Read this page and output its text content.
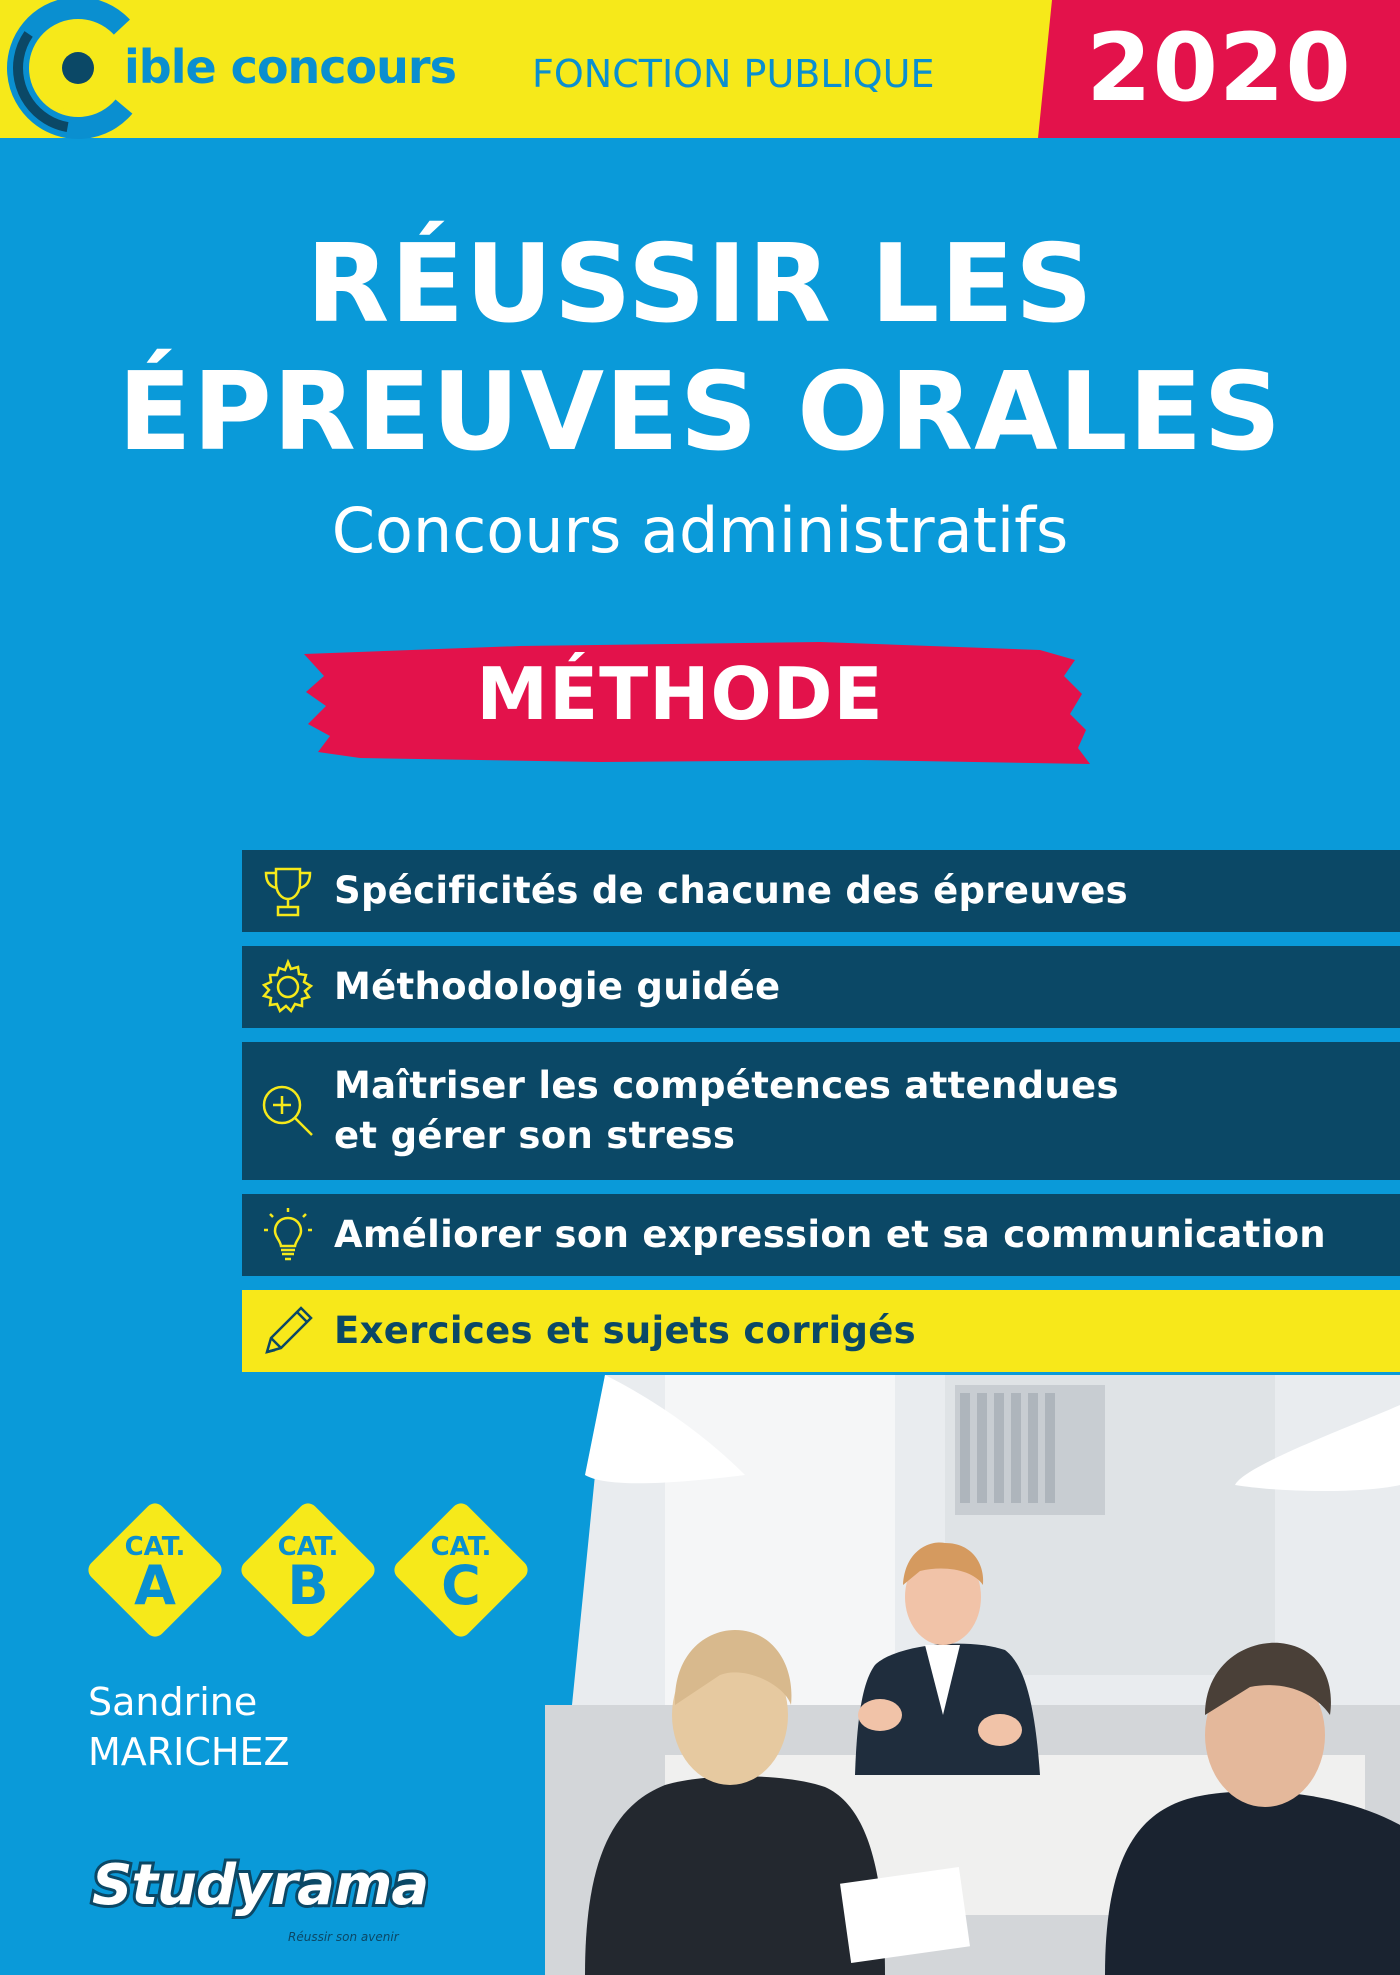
2020
ible concours FONCTION PUBLIQUE
RÉUSSIR LES
ÉPREUVES ORALES
Concours administratifs
MÉTHODE
Spécificités de chacune des épreuves
Méthodologie guidée
Maîtriser les compétences attendues
et gérer son stress
Améliorer son expression et sa communication
Exercices et sujets corrigés
CAT.
A
CAT.
B
CAT.
C
Sandrine
MARICHEZ
Studyrama
Réussir son avenir
